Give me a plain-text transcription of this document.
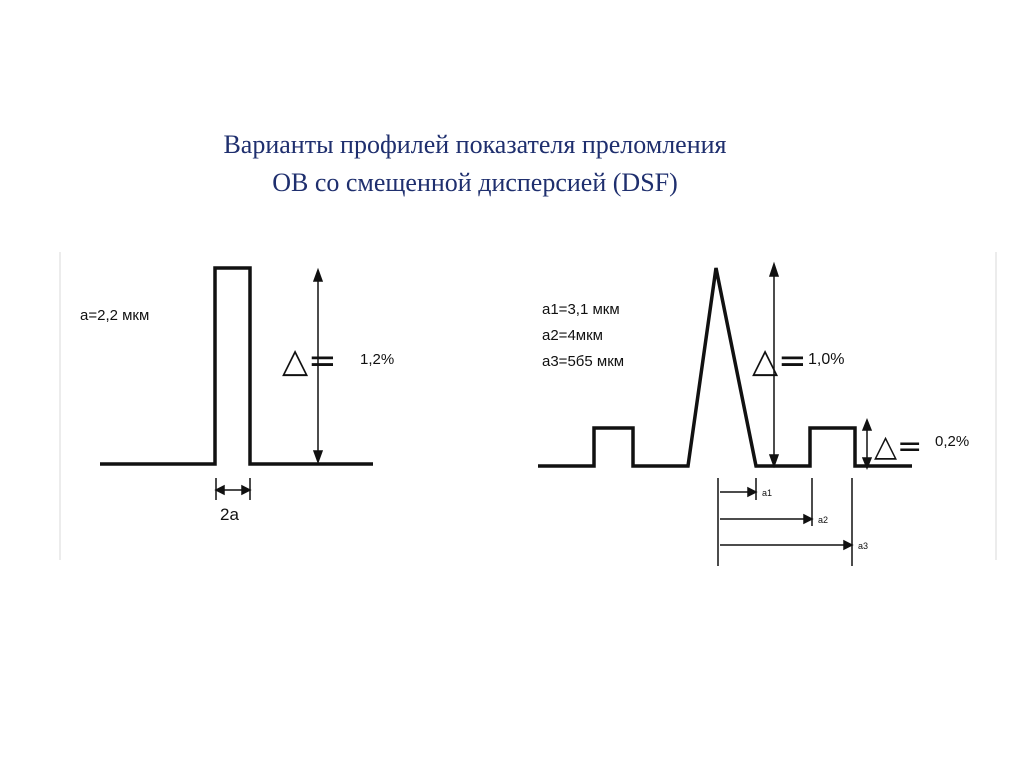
Варианты профилей показателя преломления
ОВ со смещенной дисперсией (DSF)
a=2,2 мкм
△= 1,2%
2a
a1=3,1 мкм
a2=4мкм
a3=5б5 мкм	△= 1,0%
△= 0,2%
a1
a2
a3
